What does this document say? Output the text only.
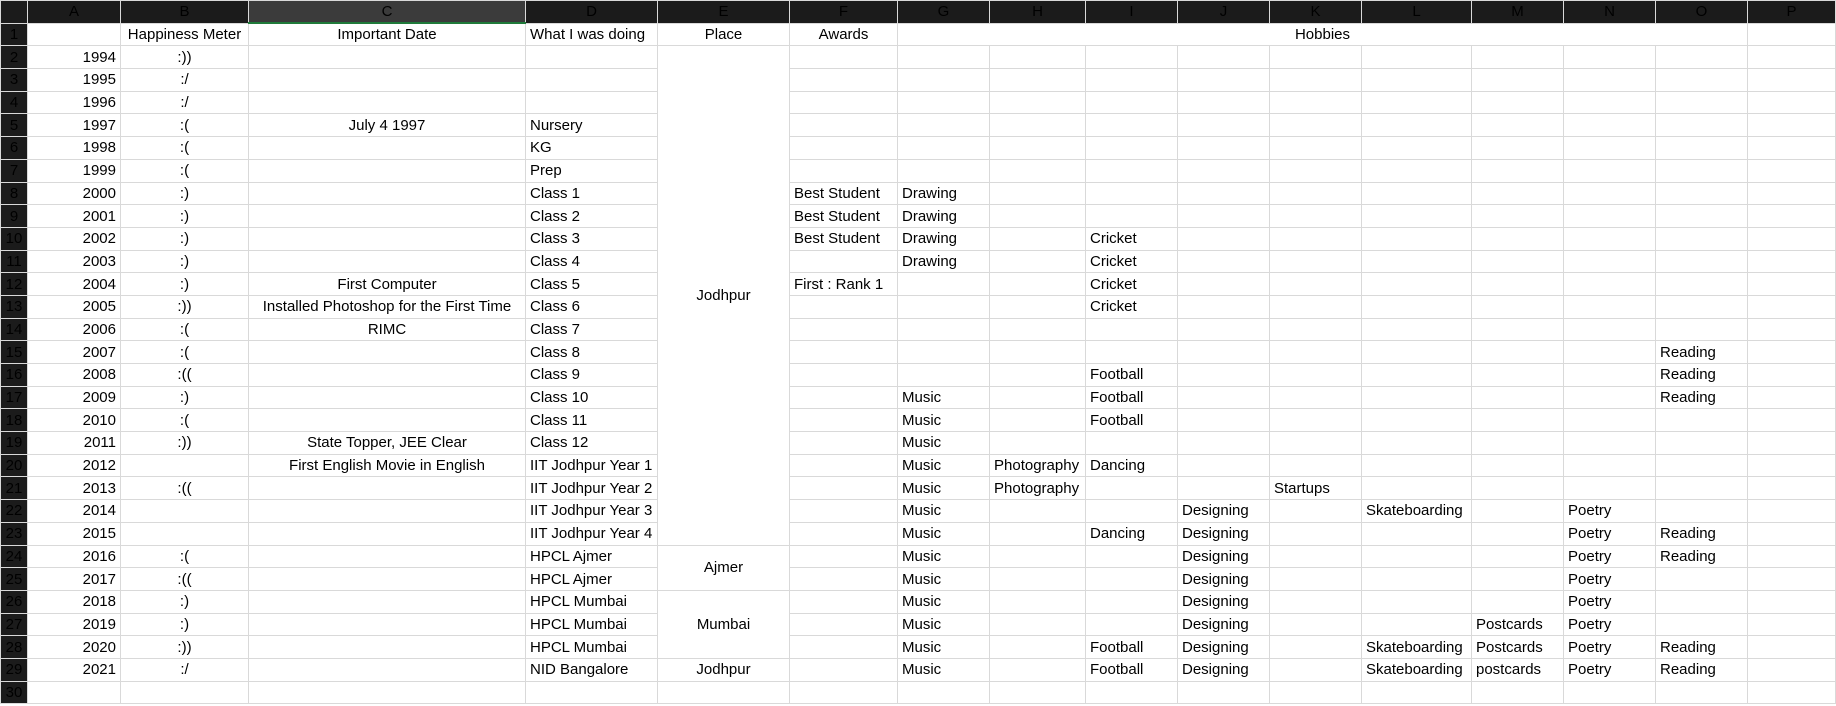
	A	B	C	D	E	F	G	H	I	J	K	L	M	N	O	P
1		Happiness Meter	Important Date	What I was doing	Place	Awards	Hobbies									
2	1994	:))			Jodhpur											
3	1995	:/														
4	1996	:/														
5	1997	:(	July 4 1997	Nursery												
6	1998	:(		KG												
7	1999	:(		Prep												
8	2000	:)		Class 1		Best Student	Drawing									
9	2001	:)		Class 2		Best Student	Drawing									
10	2002	:)		Class 3		Best Student	Drawing		Cricket							
11	2003	:)		Class 4			Drawing		Cricket							
12	2004	:)	First Computer	Class 5		First : Rank 1			Cricket							
13	2005	:))	Installed Photoshop for the First Time	Class 6					Cricket							
14	2006	:(	RIMC	Class 7												
15	2007	:(		Class 8											Reading	
16	2008	:((		Class 9					Football						Reading	
17	2009	:)		Class 10			Music		Football						Reading	
18	2010	:(		Class 11			Music		Football							
19	2011	:))	State Topper, JEE Clear	Class 12			Music									
20	2012		First English Movie in English	IIT Jodhpur Year 1			Music	Photography	Dancing							
21	2013	:((		IIT Jodhpur Year 2			Music	Photography			Startups					
22	2014			IIT Jodhpur Year 3			Music			Designing		Skateboarding		Poetry		
23	2015			IIT Jodhpur Year 4			Music		Dancing	Designing				Poetry	Reading	
24	2016	:(		HPCL Ajmer	Ajmer		Music			Designing				Poetry	Reading	
25	2017	:((		HPCL Ajmer			Music			Designing				Poetry		
26	2018	:)		HPCL Mumbai	Mumbai		Music			Designing				Poetry		
27	2019	:)		HPCL Mumbai			Music			Designing			Postcards	Poetry		
28	2020	:))		HPCL Mumbai			Music		Football	Designing		Skateboarding	Postcards	Poetry	Reading	
29	2021	:/		NID Bangalore	Jodhpur		Music		Football	Designing		Skateboarding	postcards	Poetry	Reading	
30																
